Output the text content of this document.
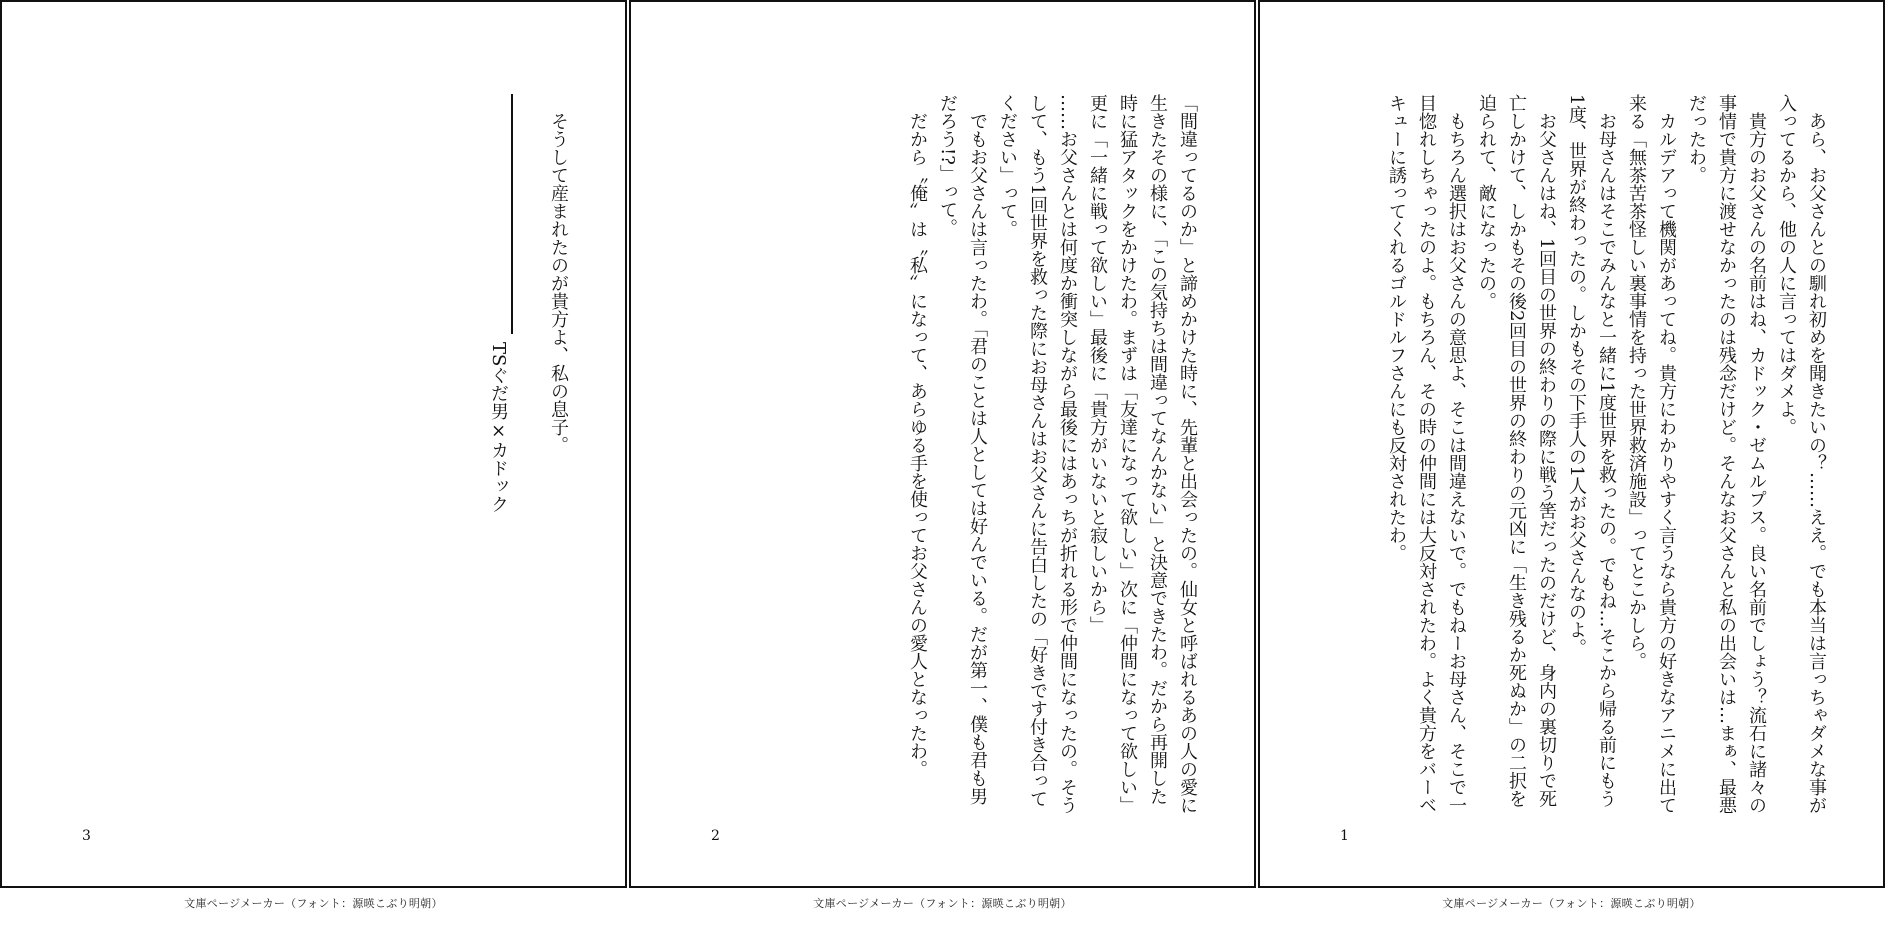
そうして産まれたのが貴方よ、私の息子。

TSぐだ男×カドック

3

「間違ってるのか」と諦めかけた時に、先輩と出会ったの。仙女と呼ばれるあの人の愛に生きたその様に、「この気持ちは間違ってなんかない」と決意できたわ。だから再開した時に猛アタックをかけたわ。まずは「友達になって欲しい」次に「仲間になって欲しい」更に「一緒に戦って欲しい」最後に「貴方がいないと寂しいから」

……お父さんとは何度か衝突しながら最後にはあっちが折れる形で仲間になったの。そうして、もう1回世界を救った際にお母さんはお父さんに告白したの「好きです付き合ってください」って。

でもお父さんは言ったわ。「君のことは人としては好んでいる。だが第一、僕も君も男だろう!?」って。

だから〝俺〟は〝私〟になって、あらゆる手を使ってお父さんの愛人となったわ。

2

あら、お父さんとの馴れ初めを聞きたいの？……ええ。でも本当は言っちゃダメな事が入ってるから、他の人に言ってはダメよ。

貴方のお父さんの名前はね、カドック・ゼムルプス。良い名前でしょう？流石に諸々の事情で貴方に渡せなかったのは残念だけど。そんなお父さんと私の出会いは…まぁ、最悪だったわ。

カルデアって機関があってね。貴方にわかりやすく言うなら貴方の好きなアニメに出て来る「無茶苦茶怪しい裏事情を持った世界救済施設」ってとこかしら。

お母さんはそこでみんなと一緒に1度世界を救ったの。でもね…そこから帰る前にもう1度、世界が終わったの。しかもその下手人の1人がお父さんなのよ。

お父さんはね、1回目の世界の終わりの際に戦う筈だったのだけど、身内の裏切りで死亡しかけて、しかもその後2回目の世界の終わりの元凶に「生き残るか死ぬか」の二択を迫られて、敵になったの。

もちろん選択はお父さんの意思よ、そこは間違えないで。でもねーお母さん、そこで一目惚れしちゃったのよ。もちろん、その時の仲間には大反対されたわ。よく貴方をバーベキューに誘ってくれるゴルドルフさんにも反対されたわ。

1
文庫ページメーカー（フォント：源暎こぶり明朝）	文庫ページメーカー（フォント：源暎こぶり明朝）	文庫ページメーカー（フォント：源暎こぶり明朝）
